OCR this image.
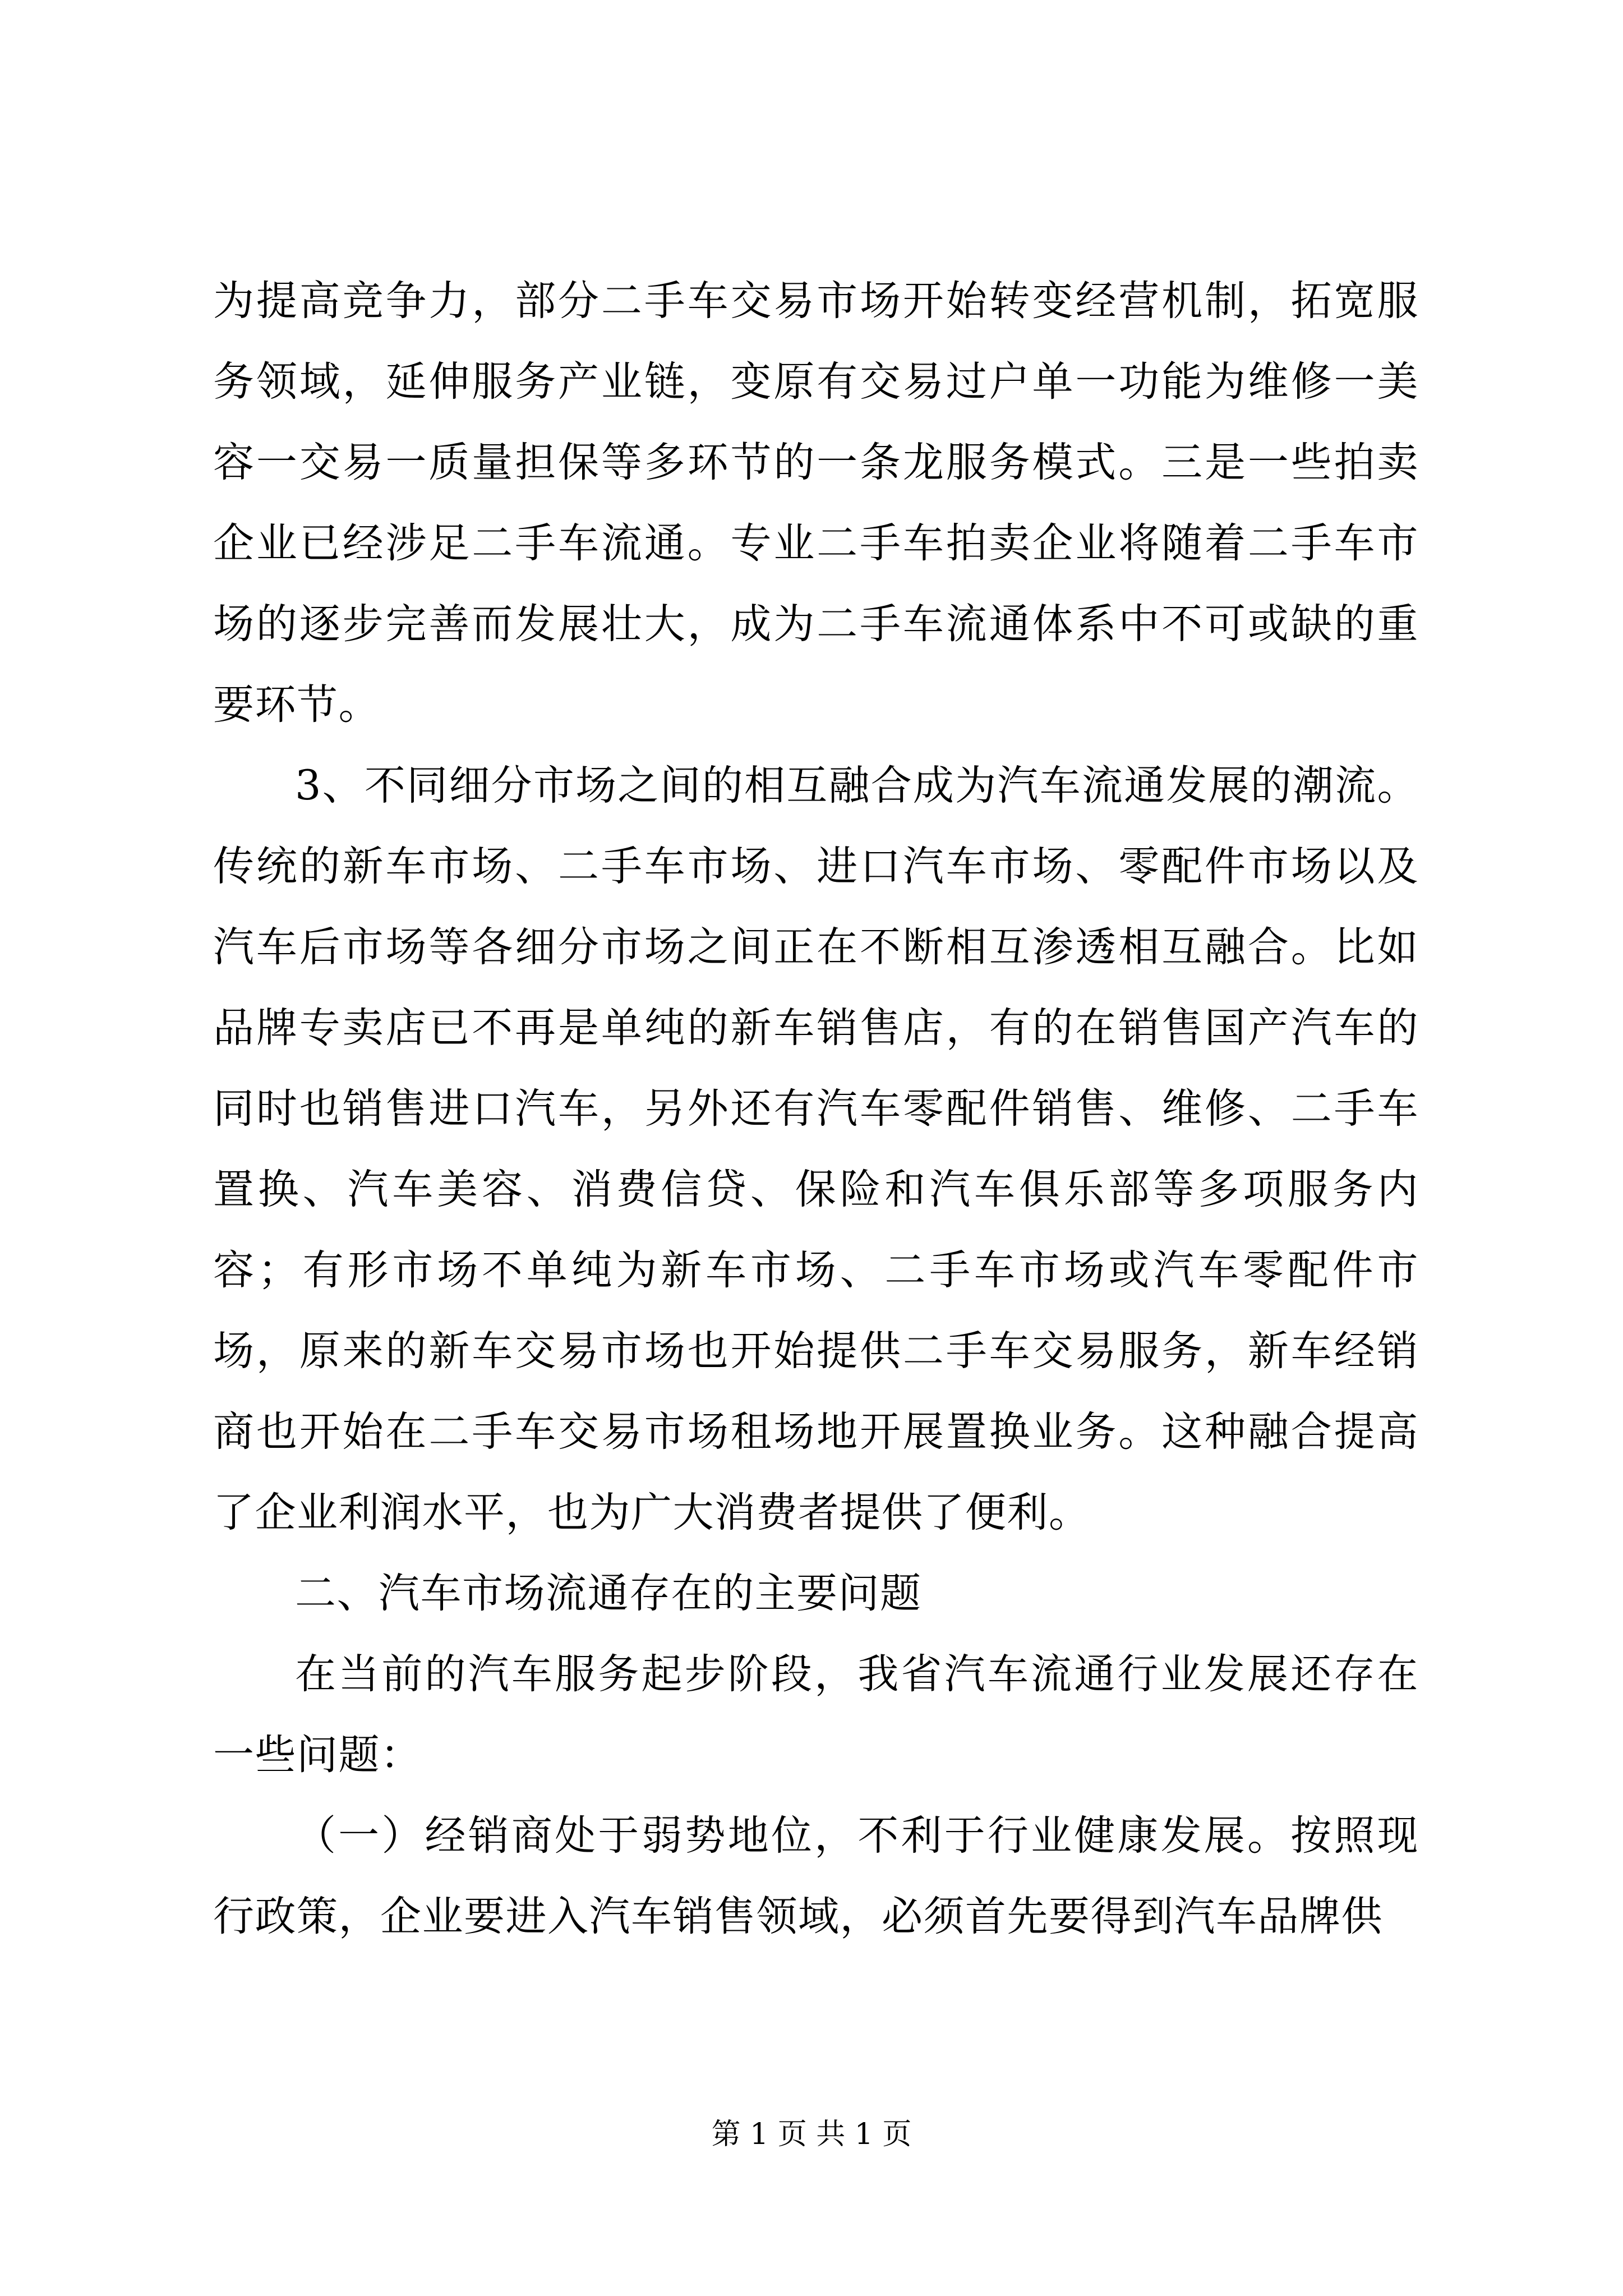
为提高竞争力，部分二手车交易市场开始转变经营机制，拓宽服务领域，延伸服务产业链，变原有交易过户单一功能为维修一美容一交易一质量担保等多环节的一条龙服务模式。三是一些拍卖企业已经涉足二手车流通。专业二手车拍卖企业将随着二手车市场的逐步完善而发展壮大，成为二手车流通体系中不可或缺的重要环节。

3、不同细分市场之间的相互融合成为汽车流通发展的潮流。传统的新车市场、二手车市场、进口汽车市场、零配件市场以及汽车后市场等各细分市场之间正在不断相互渗透相互融合。比如品牌专卖店已不再是单纯的新车销售店，有的在销售国产汽车的同时也销售进口汽车，另外还有汽车零配件销售、维修、二手车置换、汽车美容、消费信贷、保险和汽车俱乐部等多项服务内容；有形市场不单纯为新车市场、二手车市场或汽车零配件市场，原来的新车交易市场也开始提供二手车交易服务，新车经销商也开始在二手车交易市场租场地开展置换业务。这种融合提高了企业利润水平，也为广大消费者提供了便利。

二、汽车市场流通存在的主要问题

在当前的汽车服务起步阶段，我省汽车流通行业发展还存在一些问题：

（一）经销商处于弱势地位，不利于行业健康发展。按照现行政策，企业要进入汽车销售领域，必须首先要得到汽车品牌供

第 1 页 共 1 页
